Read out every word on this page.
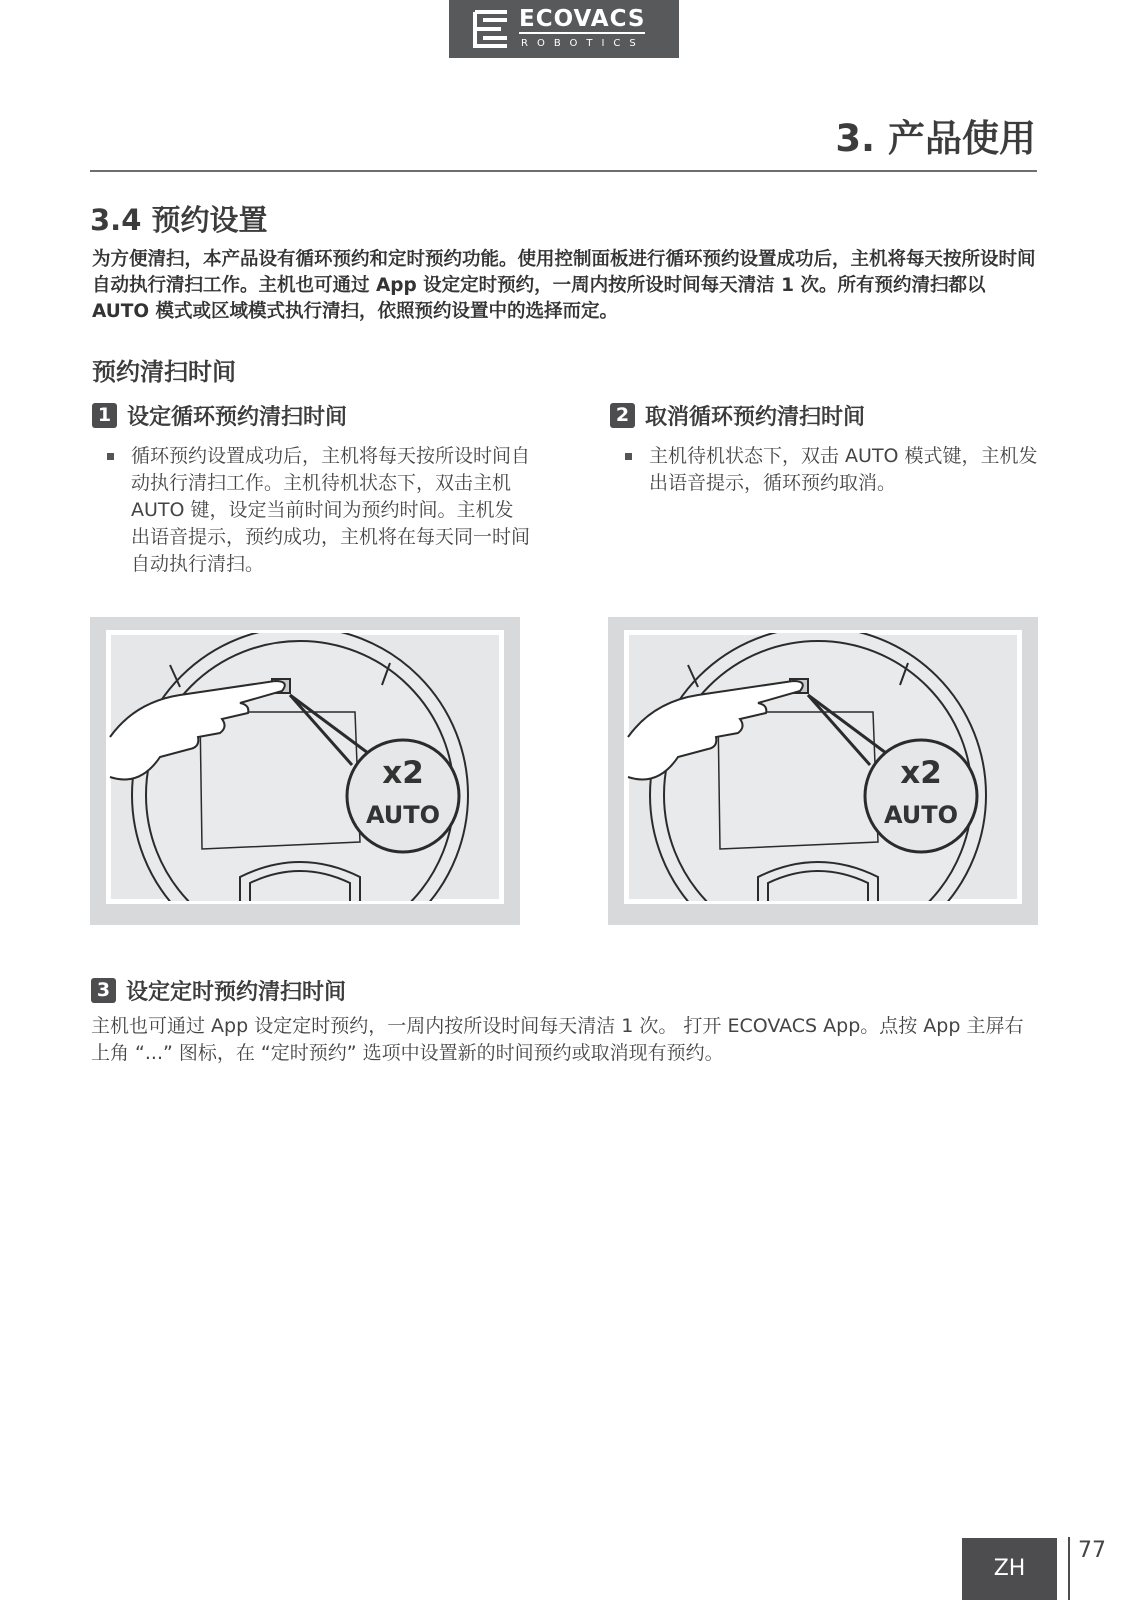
ECOVACS
ROBOTICS
3. 产品使用
3.4 预约设置
为方便清扫，本产品设有循环预约和定时预约功能。使用控制面板进行循环预约设置成功后，主机将每天按所设时间自动执行清扫工作。主机也可通过 App 设定定时预约，一周内按所设时间每天清洁 1 次。所有预约清扫都以 AUTO 模式或区域模式执行清扫，依照预约设置中的选择而定。
预约清扫时间
1 设定循环预约清扫时间
循环预约设置成功后，主机将每天按所设时间自动执行清扫工作。主机待机状态下，双击主机 AUTO 键，设定当前时间为预约时间。主机发出语音提示，预约成功，主机将在每天同一时间自动执行清扫。
2 取消循环预约清扫时间
主机待机状态下，双击 AUTO 模式键，主机发出语音提示，循环预约取消。
x2
AUTO
x2
AUTO
3 设定定时预约清扫时间
主机也可通过 App 设定定时预约，一周内按所设时间每天清洁 1 次。 打开 ECOVACS App。点按 App 主屏右上角 “...” 图标，在 “定时预约” 选项中设置新的时间预约或取消现有预约。
ZH
77
